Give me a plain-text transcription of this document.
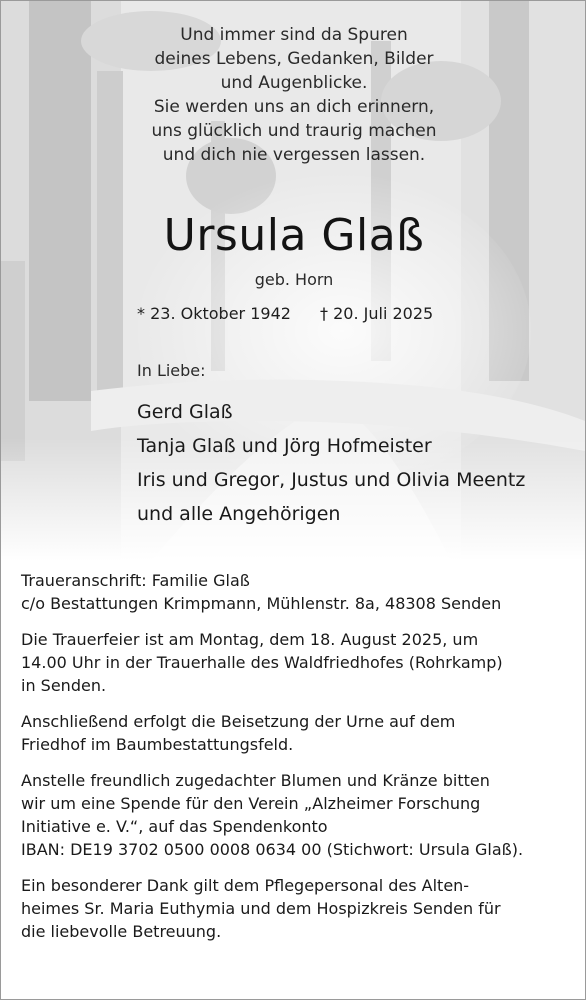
Und immer sind da Spuren
deines Lebens, Gedanken, Bilder
und Augenblicke.
Sie werden uns an dich erinnern,
uns glücklich und traurig machen
und dich nie vergessen lassen.
Ursula Glaß
geb. Horn
* 23. Oktober 1942 † 20. Juli 2025
In Liebe:
Gerd Glaß
Tanja Glaß und Jörg Hofmeister
Iris und Gregor, Justus und Olivia Meentz
und alle Angehörigen
Traueranschrift: Familie Glaß
c/o Bestattungen Krimpmann, Mühlenstr. 8a, 48308 Senden
Die Trauerfeier ist am Montag, dem 18. August 2025, um
14.00 Uhr in der Trauerhalle des Waldfriedhofes (Rohrkamp)
in Senden.
Anschließend erfolgt die Beisetzung der Urne auf dem
Friedhof im Baumbestattungsfeld.
Anstelle freundlich zugedachter Blumen und Kränze bitten
wir um eine Spende für den Verein „Alzheimer Forschung
Initiative e. V.“, auf das Spendenkonto
IBAN: DE19 3702 0500 0008 0634 00 (Stichwort: Ursula Glaß).
Ein besonderer Dank gilt dem Pflegepersonal des Alten-
heimes Sr. Maria Euthymia und dem Hospizkreis Senden für
die liebevolle Betreuung.
